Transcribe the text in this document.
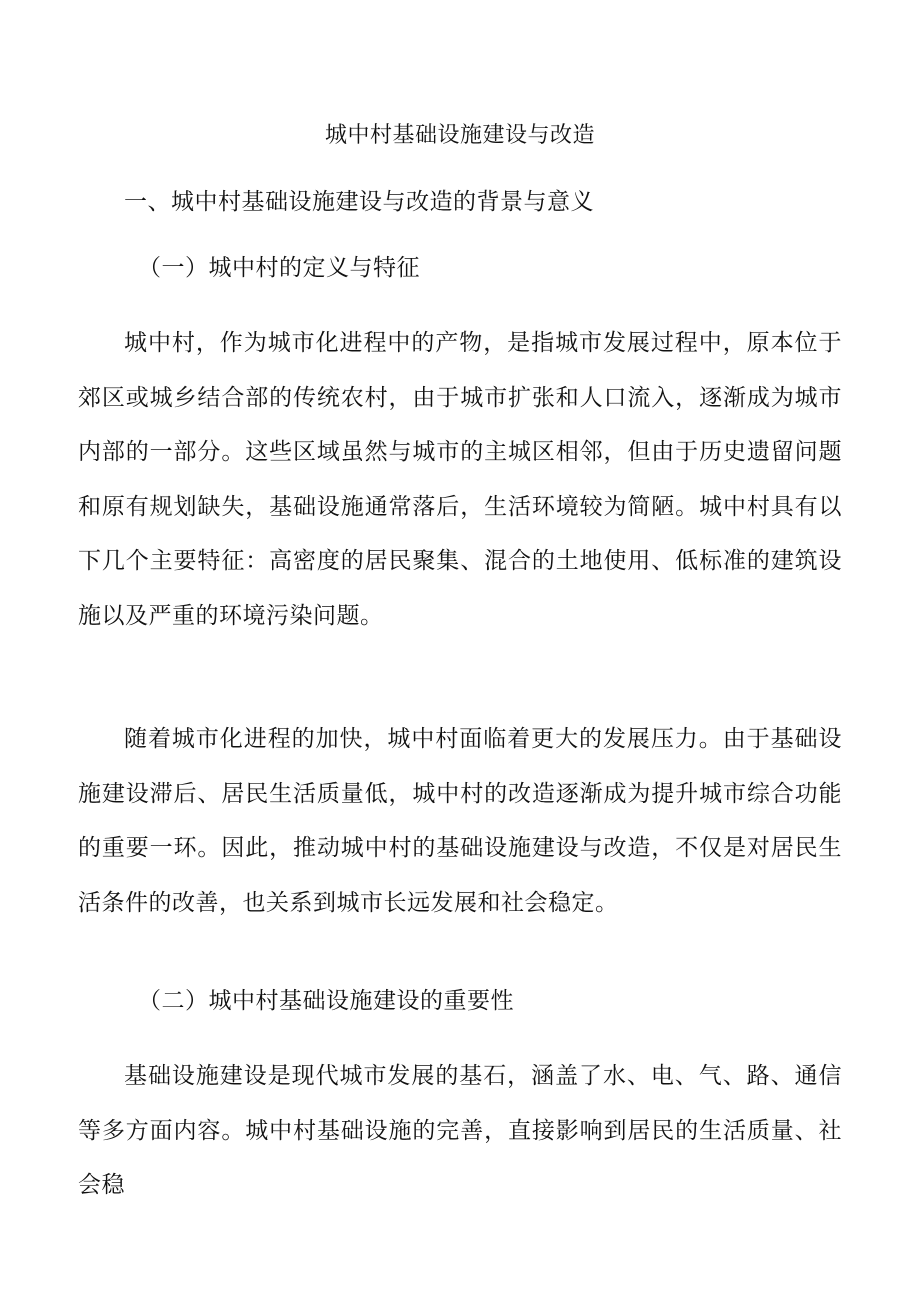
城中村基础设施建设与改造
一、城中村基础设施建设与改造的背景与意义
（一）城中村的定义与特征
城中村，作为城市化进程中的产物，是指城市发展过程中，原本位于郊区或城乡结合部的传统农村，由于城市扩张和人口流入，逐渐成为城市内部的一部分。这些区域虽然与城市的主城区相邻，但由于历史遗留问题和原有规划缺失，基础设施通常落后，生活环境较为简陋。城中村具有以下几个主要特征：高密度的居民聚集、混合的土地使用、低标准的建筑设施以及严重的环境污染问题。
随着城市化进程的加快，城中村面临着更大的发展压力。由于基础设施建设滞后、居民生活质量低，城中村的改造逐渐成为提升城市综合功能的重要一环。因此，推动城中村的基础设施建设与改造，不仅是对居民生活条件的改善，也关系到城市长远发展和社会稳定。
（二）城中村基础设施建设的重要性
基础设施建设是现代城市发展的基石，涵盖了水、电、气、路、通信等多方面内容。城中村基础设施的完善，直接影响到居民的生活质量、社会稳
